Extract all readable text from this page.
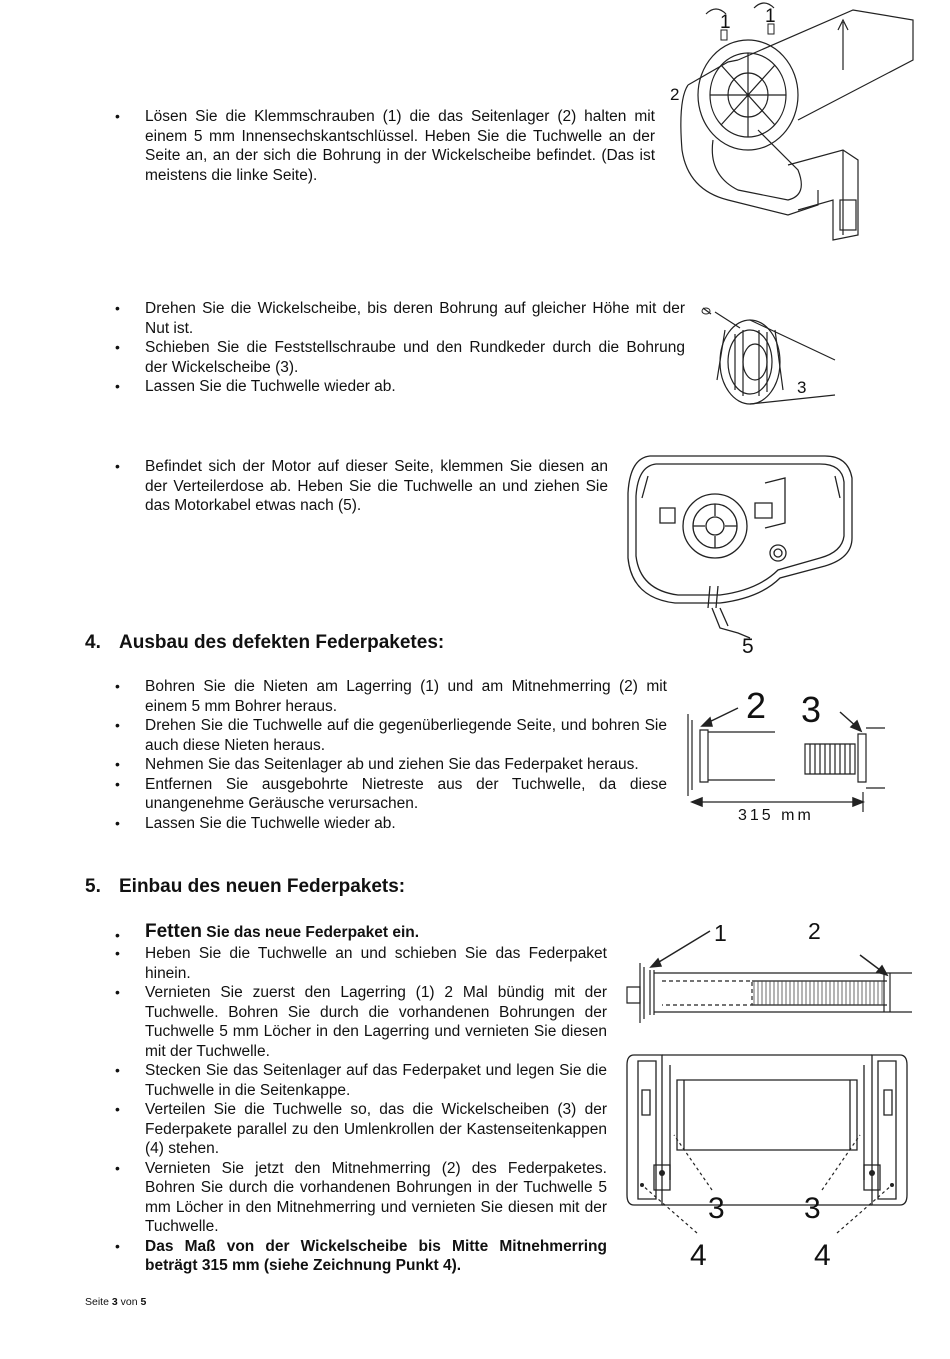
• Lösen Sie die Klemmschrauben (1) die das Seitenlager (2) halten mit einem 5 mm Innensechskantschlüssel. Heben Sie die Tuchwelle an der Seite an, an der sich die Bohrung in der Wickelscheibe befindet. (Das ist meistens die linke Seite).
1 1
2
• Drehen Sie die Wickelscheibe, bis deren Bohrung auf gleicher Höhe mit der Nut ist.
• Schieben Sie die Feststellschraube und den Rundkeder durch die Bohrung der Wickelscheibe (3).
• Lassen Sie die Tuchwelle wieder ab.	3
• Befindet sich der Motor auf dieser Seite, klemmen Sie diesen an der Verteilerdose ab. Heben Sie die Tuchwelle an und ziehen Sie das Motorkabel etwas nach (5).
5
4. Ausbau des defekten Federpaketes:
• Bohren Sie die Nieten am Lagerring (1) und am Mitnehmerring (2) mit einem 5 mm Bohrer heraus.
• Drehen Sie die Tuchwelle auf die gegenüberliegende Seite, und bohren Sie auch diese Nieten heraus.
• Nehmen Sie das Seitenlager ab und ziehen Sie das Federpaket heraus.
• Entfernen Sie ausgebohrte Nietreste aus der Tuchwelle, da diese unangenehme Geräusche verursachen.
• Lassen Sie die Tuchwelle wieder ab.
2 3
315 mm
5. Einbau des neuen Federpakets:
• Fetten Sie das neue Federpaket ein.
• Heben Sie die Tuchwelle an und schieben Sie das Federpaket hinein.
• Vernieten Sie zuerst den Lagerring (1) 2 Mal bündig mit der Tuchwelle. Bohren Sie durch die vorhandenen Bohrungen der Tuchwelle 5 mm Löcher in den Lagerring und vernieten Sie diesen mit der Tuchwelle.
• Stecken Sie das Seitenlager auf das Federpaket und legen Sie die Tuchwelle in die Seitenkappe.
• Verteilen Sie die Tuchwelle so, das die Wickelscheiben (3) der Federpakete parallel zu den Umlenkrollen der Kastenseitenkappen (4) stehen.
• Vernieten Sie jetzt den Mitnehmerring (2) des Federpaketes. Bohren Sie durch die vorhandenen Bohrungen in der Tuchwelle 5 mm Löcher in den Mitnehmerring und vernieten Sie diesen mit der Tuchwelle.
• Das Maß von der Wickelscheibe bis Mitte Mitnehmerring beträgt 315 mm (siehe Zeichnung Punkt 4).
1	2
3	3
4	4
Seite 3 von 5
